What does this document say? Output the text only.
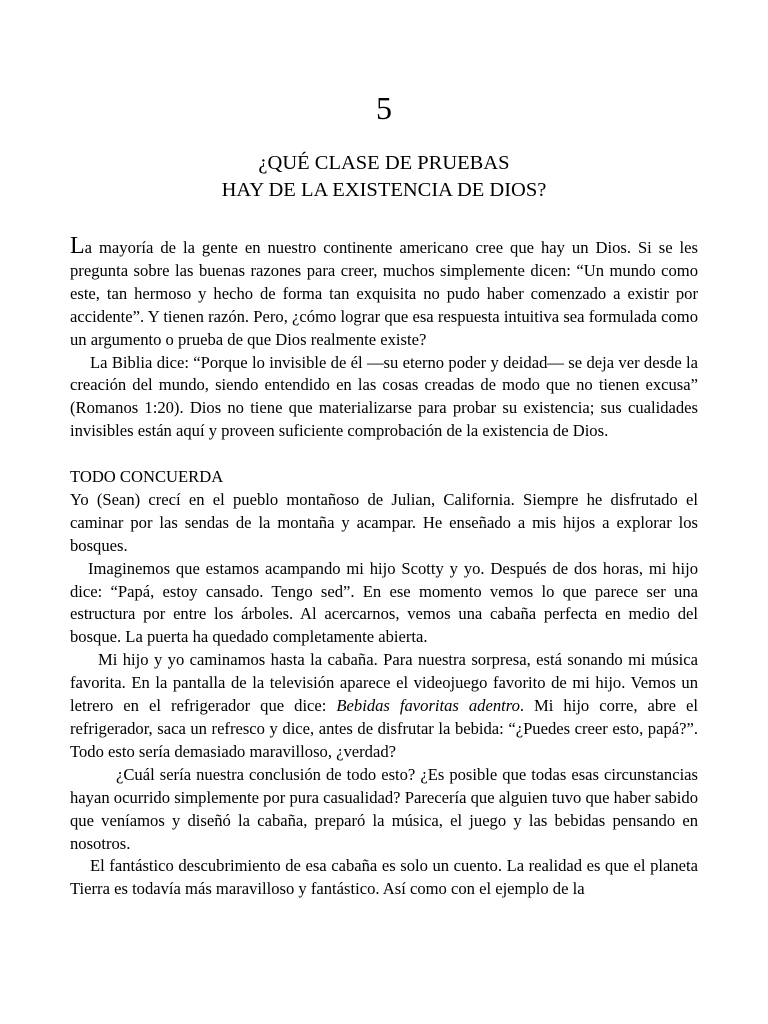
5
¿QUÉ CLASE DE PRUEBAS
HAY DE LA EXISTENCIA DE DIOS?

La mayoría de la gente en nuestro continente americano cree que hay un Dios. Si se les pregunta sobre las buenas razones para creer, muchos simplemente dicen: “Un mundo como este, tan hermoso y hecho de forma tan exquisita no pudo haber comenzado a existir por accidente”. Y tienen razón. Pero, ¿cómo lograr que esa respuesta intuitiva sea formulada como un argumento o prueba de que Dios realmente existe?

La Biblia dice: “Porque lo invisible de él —su eterno poder y deidad— se deja ver desde la creación del mundo, siendo entendido en las cosas creadas de modo que no tienen excusa” (Romanos 1:20). Dios no tiene que materializarse para probar su existencia; sus cualidades invisibles están aquí y proveen suficiente comprobación de la existencia de Dios.

TODO CONCUERDA

Yo (Sean) crecí en el pueblo montañoso de Julian, California. Siempre he disfrutado el caminar por las sendas de la montaña y acampar. He enseñado a mis hijos a explorar los bosques.

Imaginemos que estamos acampando mi hijo Scotty y yo. Después de dos horas, mi hijo dice: “Papá, estoy cansado. Tengo sed”. En ese momento vemos lo que parece ser una estructura por entre los árboles. Al acercarnos, vemos una cabaña perfecta en medio del bosque. La puerta ha quedado completamente abierta.

Mi hijo y yo caminamos hasta la cabaña. Para nuestra sorpresa, está sonando mi música favorita. En la pantalla de la televisión aparece el videojuego favorito de mi hijo. Vemos un letrero en el refrigerador que dice: Bebidas favoritas adentro. Mi hijo corre, abre el refrigerador, saca un refresco y dice, antes de disfrutar la bebida: “¿Puedes creer esto, papá?”. Todo esto sería demasiado maravilloso, ¿verdad?

¿Cuál sería nuestra conclusión de todo esto? ¿Es posible que todas esas circunstancias hayan ocurrido simplemente por pura casualidad? Parecería que alguien tuvo que haber sabido que veníamos y diseñó la cabaña, preparó la música, el juego y las bebidas pensando en nosotros.

El fantástico descubrimiento de esa cabaña es solo un cuento. La realidad es que el planeta Tierra es todavía más maravilloso y fantástico. Así como con el ejemplo de la
